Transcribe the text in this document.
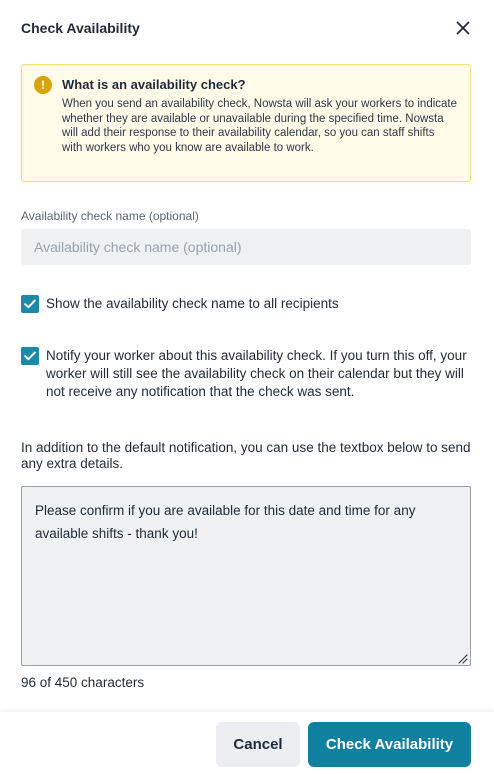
Check Availability
!	What is an availability check?
When you send an availability check, Nowsta will ask your workers to indicate whether they are available or unavailable during the specified time. Nowsta will add their response to their availability calendar, so you can staff shifts with workers who you know are available to work.
Availability check name (optional)
Availability check name (optional)
Show the availability check name to all recipients
Notify your worker about this availability check. If you turn this off, your worker will still see the availability check on their calendar but they will not receive any notification that the check was sent.
In addition to the default notification, you can use the textbox below to send any extra details.
Please confirm if you are available for this date and time for any available shifts - thank you!
96 of 450 characters
Cancel	Check Availability
